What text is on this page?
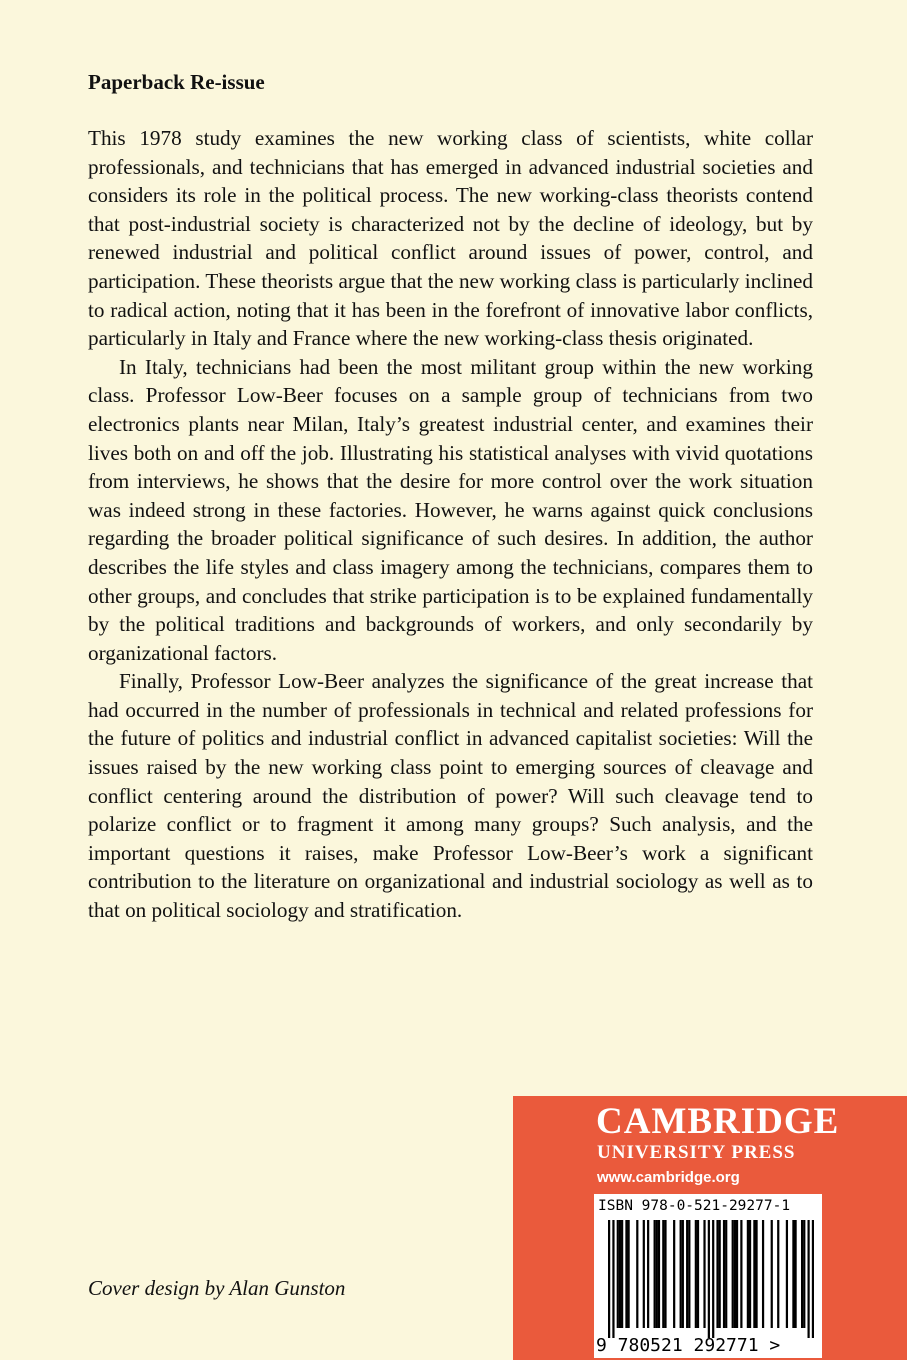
Paperback Re-issue

This 1978 study examines the new working class of scientists, white collar professionals, and technicians that has emerged in advanced industrial societies and considers its role in the political process. The new working-class theorists contend that post-industrial society is characterized not by the decline of ideology, but by renewed industrial and political conflict around issues of power, control, and participation. These theorists argue that the new working class is particularly inclined to radical action, noting that it has been in the forefront of innovative labor conflicts, particularly in Italy and France where the new working-class thesis originated.

In Italy, technicians had been the most militant group within the new working class. Professor Low-Beer focuses on a sample group of technicians from two electronics plants near Milan, Italy’s greatest industrial center, and examines their lives both on and off the job. Illustrating his statistical analyses with vivid quotations from interviews, he shows that the desire for more control over the work situation was indeed strong in these factories. However, he warns against quick conclusions regarding the broader political significance of such desires. In addition, the author describes the life styles and class imagery among the technicians, compares them to other groups, and concludes that strike participation is to be explained fundamentally by the political traditions and backgrounds of workers, and only secondarily by organizational factors.

Finally, Professor Low-Beer analyzes the significance of the great increase that had occurred in the number of professionals in technical and related professions for the future of politics and industrial conflict in advanced capitalist societies: Will the issues raised by the new working class point to emerging sources of cleavage and conflict centering around the distribution of power? Will such cleavage tend to polarize conflict or to fragment it among many groups? Such analysis, and the important questions it raises, make Professor Low-Beer’s work a significant contribution to the literature on organizational and industrial sociology as well as to that on political sociology and stratification.

Cover design by Alan Gunston
CAMBRIDGE
UNIVERSITY PRESS
www.cambridge.org
ISBN 978-0-521-29277-1
9 780521 292771 >
